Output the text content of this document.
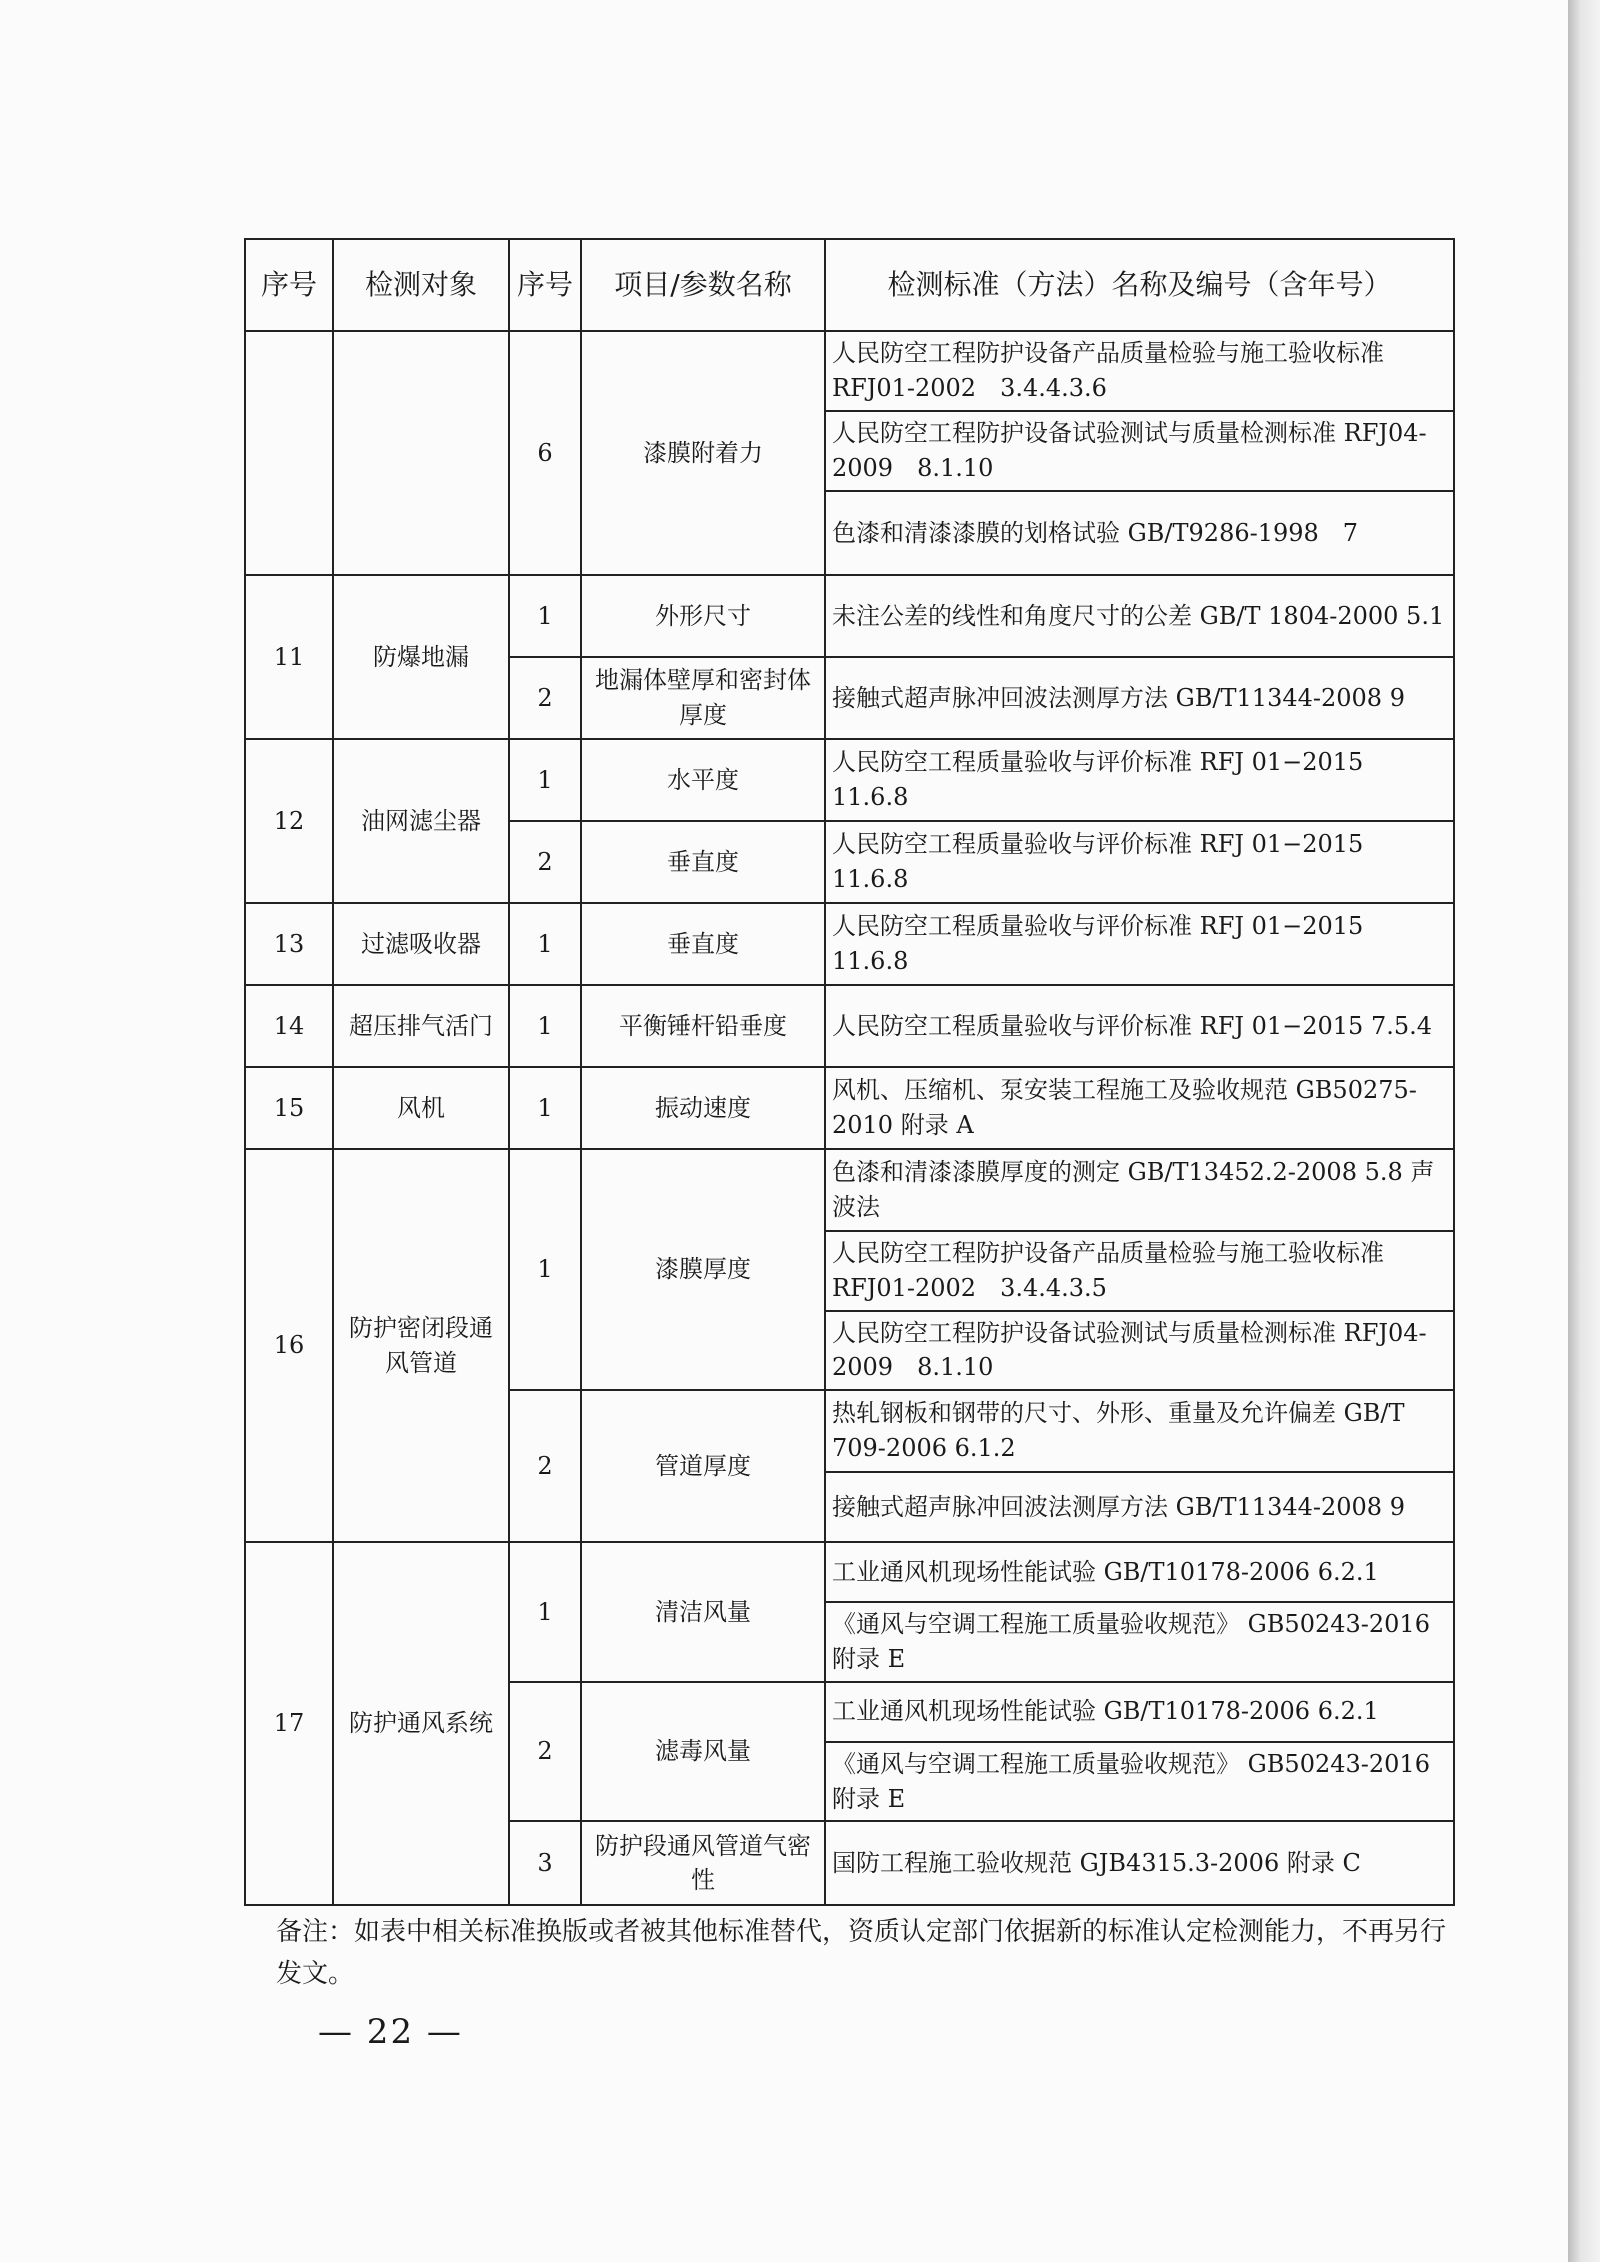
序号	检测对象	序号	项目/参数名称	检测标准（方法）名称及编号（含年号）
		6	漆膜附着力	人民防空工程防护设备产品质量检验与施工验收标准 RFJ01-2002　3.4.4.3.6
				人民防空工程防护设备试验测试与质量检测标准 RFJ04-2009　8.1.10
				色漆和清漆漆膜的划格试验 GB/T9286-1998　7
11	防爆地漏	1	外形尺寸	未注公差的线性和角度尺寸的公差 GB/T 1804-2000 5.1
		2	地漏体壁厚和密封体厚度	接触式超声脉冲回波法测厚方法 GB/T11344-2008 9
12	油网滤尘器	1	水平度	人民防空工程质量验收与评价标准 RFJ 01−2015 11.6.8
		2	垂直度	人民防空工程质量验收与评价标准 RFJ 01−2015 11.6.8
13	过滤吸收器	1	垂直度	人民防空工程质量验收与评价标准 RFJ 01−2015 11.6.8
14	超压排气活门	1	平衡锤杆铅垂度	人民防空工程质量验收与评价标准 RFJ 01−2015 7.5.4
15	风机	1	振动速度	风机、压缩机、泵安装工程施工及验收规范 GB50275-2010 附录 A
16	防护密闭段通风管道	1	漆膜厚度	色漆和清漆漆膜厚度的测定 GB/T13452.2-2008 5.8 声波法
				人民防空工程防护设备产品质量检验与施工验收标准 RFJ01-2002　3.4.4.3.5
				人民防空工程防护设备试验测试与质量检测标准 RFJ04-2009　8.1.10
		2	管道厚度	热轧钢板和钢带的尺寸、外形、重量及允许偏差 GB/T 709-2006 6.1.2
				接触式超声脉冲回波法测厚方法 GB/T11344-2008 9
17	防护通风系统	1	清洁风量	工业通风机现场性能试验 GB/T10178-2006 6.2.1
				《通风与空调工程施工质量验收规范》 GB50243-2016 附录 E
		2	滤毒风量	工业通风机现场性能试验 GB/T10178-2006 6.2.1
				《通风与空调工程施工质量验收规范》 GB50243-2016 附录 E
		3	防护段通风管道气密性	国防工程施工验收规范 GJB4315.3-2006 附录 C
备注：如表中相关标准换版或者被其他标准替代，资质认定部门依据新的标准认定检测能力，不再另行发文。
— 22 —
